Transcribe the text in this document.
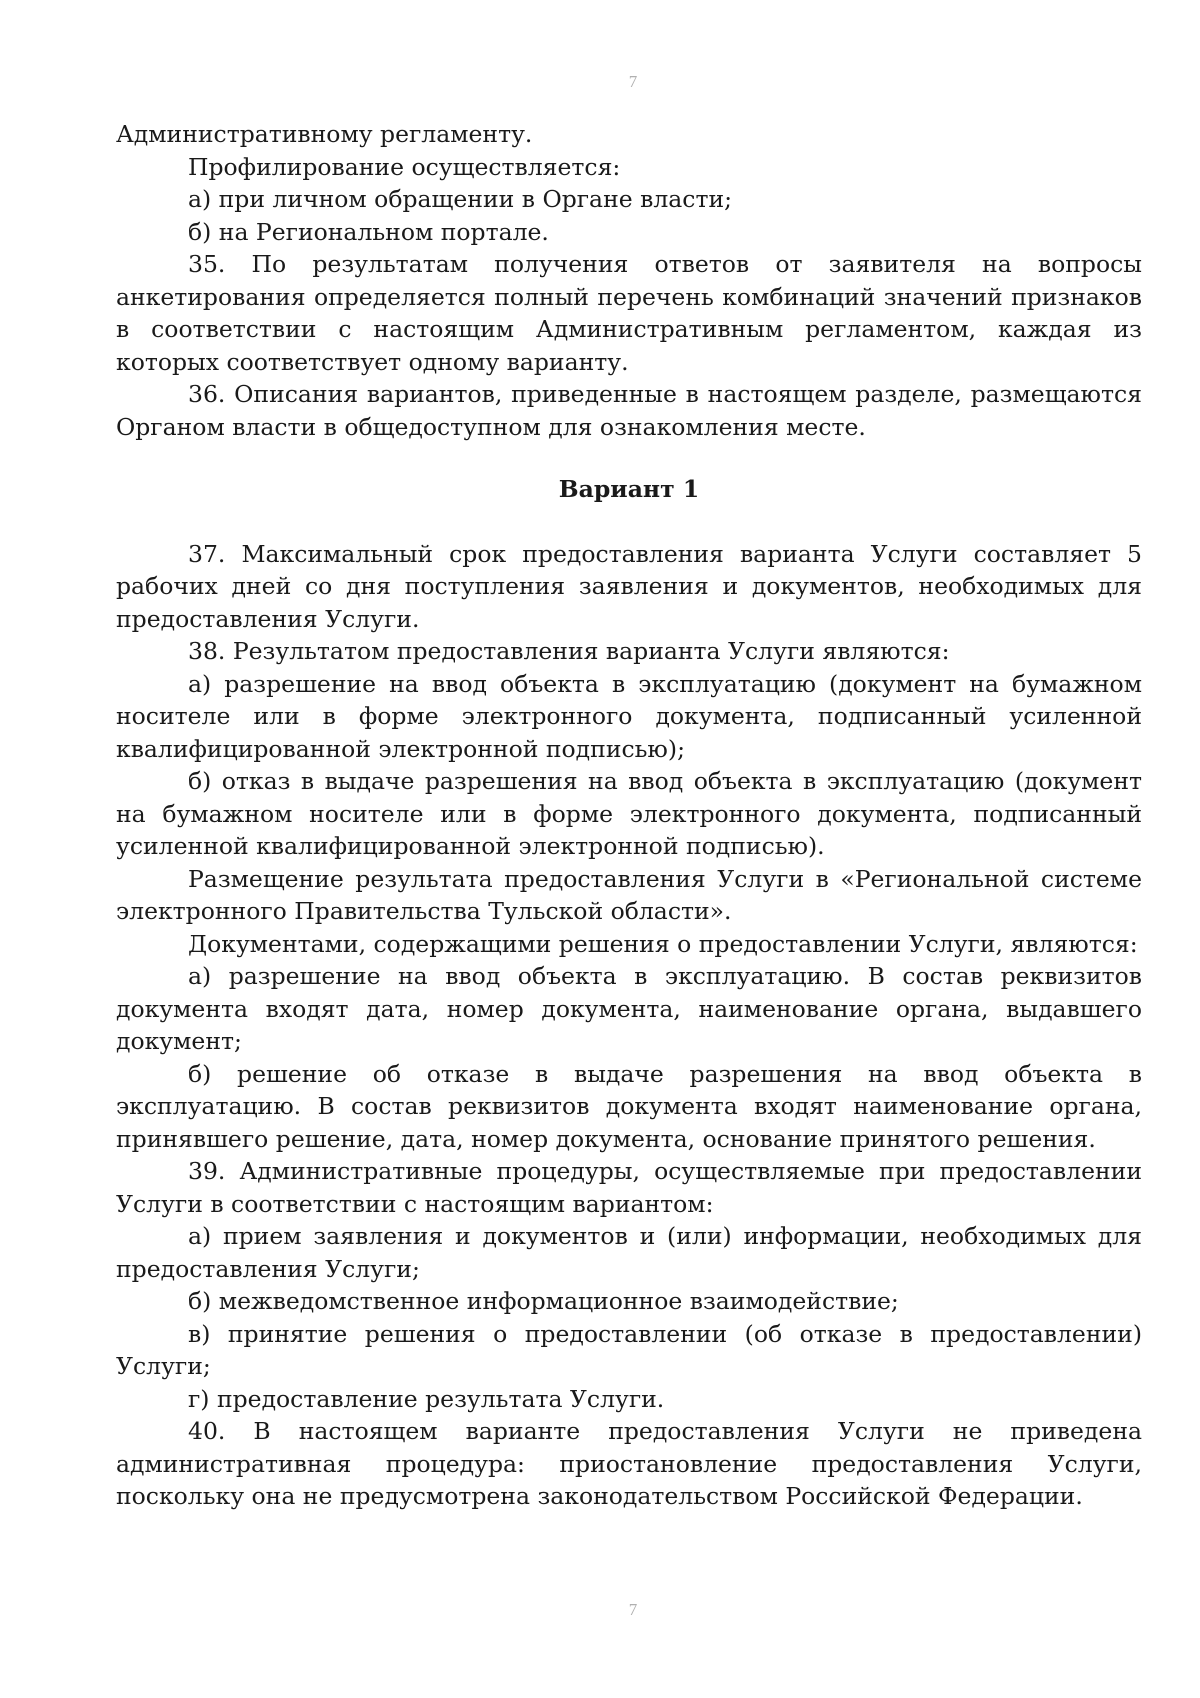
7

Административному регламенту.

Профилирование осуществляется:

а) при личном обращении в Органе власти;

б) на Региональном портале.

35. По результатам получения ответов от заявителя на вопросы анкетирования определяется полный перечень комбинаций значений признаков в соответствии с настоящим Административным регламентом, каждая из которых соответствует одному варианту.

36. Описания вариантов, приведенные в настоящем разделе, размещаются Органом власти в общедоступном для ознакомления месте.

Вариант 1

37. Максимальный срок предоставления варианта Услуги составляет 5 рабочих дней со дня поступления заявления и документов, необходимых для предоставления Услуги.

38. Результатом предоставления варианта Услуги являются:

а) разрешение на ввод объекта в эксплуатацию (документ на бумажном носителе или в форме электронного документа, подписанный усиленной квалифицированной электронной подписью);

б) отказ в выдаче разрешения на ввод объекта в эксплуатацию (документ на бумажном носителе или в форме электронного документа, подписанный усиленной квалифицированной электронной подписью).

Размещение результата предоставления Услуги в «Региональной системе электронного Правительства Тульской области».

Документами, содержащими решения о предоставлении Услуги, являются:

а) разрешение на ввод объекта в эксплуатацию. В состав реквизитов документа входят дата, номер документа, наименование органа, выдавшего документ;

б) решение об отказе в выдаче разрешения на ввод объекта в эксплуатацию. В состав реквизитов документа входят наименование органа, принявшего решение, дата, номер документа, основание принятого решения.

39. Административные процедуры, осуществляемые при предоставлении Услуги в соответствии с настоящим вариантом:

а) прием заявления и документов и (или) информации, необходимых для предоставления Услуги;

б) межведомственное информационное взаимодействие;

в) принятие решения о предоставлении (об отказе в предоставлении) Услуги;

г) предоставление результата Услуги.

40. В настоящем варианте предоставления Услуги не приведена административная процедура: приостановление предоставления Услуги, поскольку она не предусмотрена законодательством Российской Федерации.

7
